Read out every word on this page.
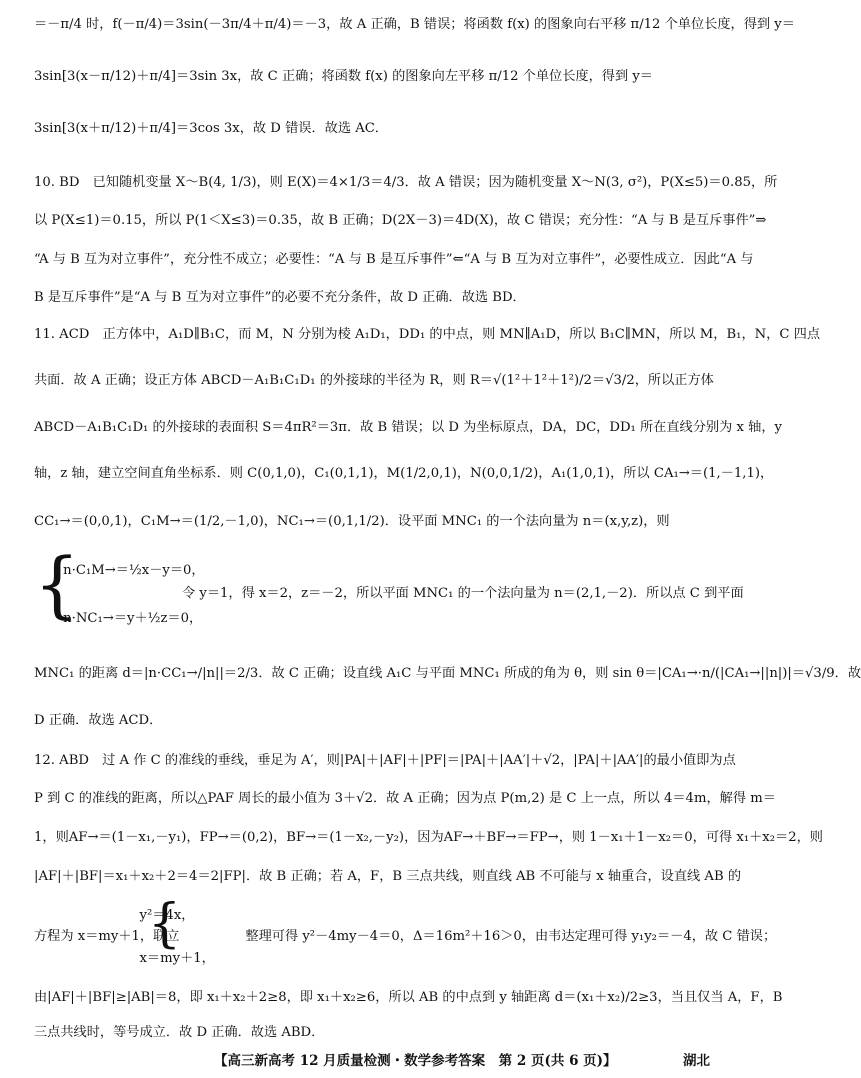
＝－π/4 时，f(－π/4)＝3sin(－3π/4＋π/4)＝－3，故 A 正确，B 错误；将函数 f(x) 的图象向右平移 π/12 个单位长度，得到 y＝
3sin[3(x－π/12)＋π/4]＝3sin 3x，故 C 正确；将函数 f(x) 的图象向左平移 π/12 个单位长度，得到 y＝
3sin[3(x＋π/12)＋π/4]＝3cos 3x，故 D 错误．故选 AC．
10. BD　已知随机变量 X～B(4, 1/3)，则 E(X)＝4×1/3＝4/3．故 A 错误；因为随机变量 X～N(3, σ²)，P(X≤5)＝0.85，所
以 P(X≤1)＝0.15，所以 P(1＜X≤3)＝0.35，故 B 正确；D(2X－3)＝4D(X)，故 C 错误；充分性：“A 与 B 是互斥事件”⇒
“A 与 B 互为对立事件”，充分性不成立；必要性：“A 与 B 是互斥事件”⇐“A 与 B 互为对立事件”，必要性成立．因此“A 与
B 是互斥事件”是“A 与 B 互为对立事件”的必要不充分条件，故 D 正确．故选 BD．
11. ACD　正方体中，A₁D∥B₁C，而 M，N 分别为棱 A₁D₁，DD₁ 的中点，则 MN∥A₁D，所以 B₁C∥MN，所以 M，B₁，N，C 四点
共面．故 A 正确；设正方体 ABCD－A₁B₁C₁D₁ 的外接球的半径为 R，则 R＝√(1²＋1²＋1²)/2＝√3/2，所以正方体
ABCD－A₁B₁C₁D₁ 的外接球的表面积 S＝4πR²＝3π．故 B 错误；以 D 为坐标原点，DA，DC，DD₁ 所在直线分别为 x 轴，y
轴，z 轴，建立空间直角坐标系．则 C(0,1,0)，C₁(0,1,1)，M(1/2,0,1)，N(0,0,1/2)，A₁(1,0,1)，所以 CA₁→＝(1,－1,1)，
CC₁→＝(0,0,1)，C₁M→＝(1/2,－1,0)，NC₁→＝(0,1,1/2)．设平面 MNC₁ 的一个法向量为 n＝(x,y,z)，则
　n·C₁M→＝½x－y＝0，
令 y＝1，得 x＝2，z＝－2，所以平面 MNC₁ 的一个法向量为 n＝(2,1,－2)．所以点 C 到平面
　n·NC₁→＝y＋½z＝0，
MNC₁ 的距离 d＝|n·CC₁→/|n||＝2/3．故 C 正确；设直线 A₁C 与平面 MNC₁ 所成的角为 θ，则 sin θ＝|CA₁→·n/(|CA₁→||n|)|＝√3/9．故
D 正确．故选 ACD．
12. ABD　过 A 作 C 的准线的垂线，垂足为 A′，则|PA|＋|AF|＋|PF|＝|PA|＋|AA′|＋√2，|PA|＋|AA′|的最小值即为点
P 到 C 的准线的距离，所以△PAF 周长的最小值为 3＋√2．故 A 正确；因为点 P(m,2) 是 C 上一点，所以 4＝4m，解得 m＝
1，则AF→＝(1－x₁,－y₁)，FP→＝(0,2)，BF→＝(1－x₂,－y₂)，因为AF→＋BF→＝FP→，则 1－x₁＋1－x₂＝0，可得 x₁＋x₂＝2，则
|AF|＋|BF|＝x₁＋x₂＋2＝4＝2|FP|．故 B 正确；若 A，F，B 三点共线，则直线 AB 不可能与 x 轴重合，设直线 AB 的
　　　　　　　　y²＝4x，
方程为 x＝my＋1，联立　　　　　整理可得 y²－4my－4＝0，Δ＝16m²＋16＞0，由韦达定理可得 y₁y₂＝－4，故 C 错误；
　　　　　　　　x＝my＋1，
由|AF|＋|BF|≥|AB|＝8，即 x₁＋x₂＋2≥8，即 x₁＋x₂≥6，所以 AB 的中点到 y 轴距离 d＝(x₁＋x₂)/2≥3，当且仅当 A，F，B
三点共线时，等号成立．故 D 正确．故选 ABD．
{
{
【高三新高考 12 月质量检测・数学参考答案　第 2 页(共 6 页)】	湖北
